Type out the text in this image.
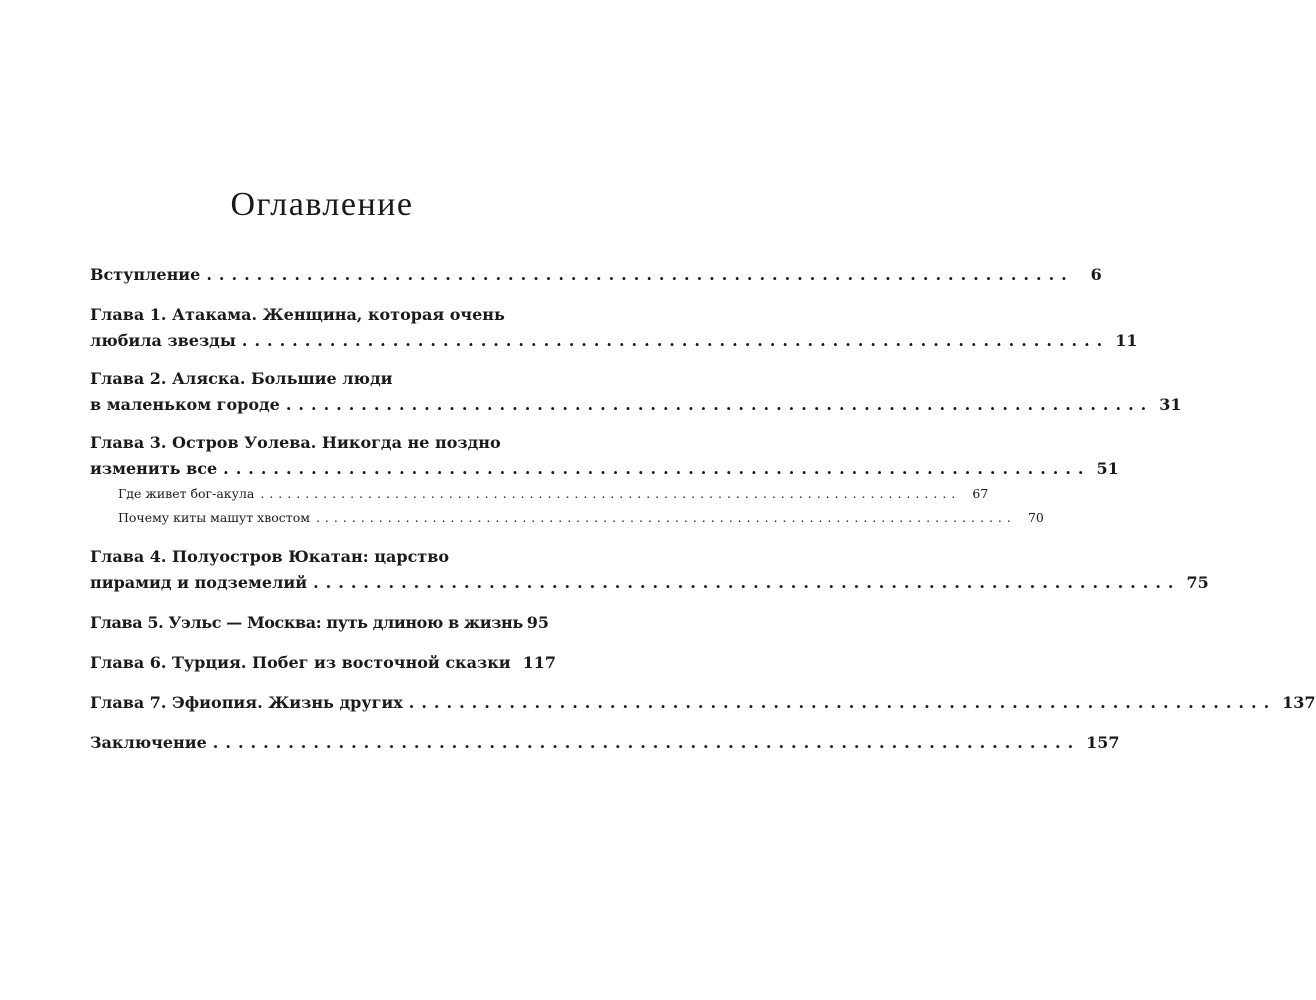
Оглавление
Вступление .....................................................................	6
Глава 1. Атакама. Женщина, которая очень
любила звезды ..................................................................... 11
Глава 2. Аляска. Большие люди
в маленьком городе ..................................................................... 31
Глава 3. Остров Уолева. Никогда не поздно
изменить все ..................................................................... 51
Где живет бог-акула .............................................................................. 67
Почему киты машут хвостом .............................................................................. 70
Глава 4. Полуостров Юкатан: царство
пирамид и подземелий ..................................................................... 75
Глава 5. Уэльс — Москва: путь длиною в жизнь 95
Глава 6. Турция. Побег из восточной сказки 117
Глава 7. Эфиопия. Жизнь других ..................................................................... 137
Заключение ..................................................................... 157
